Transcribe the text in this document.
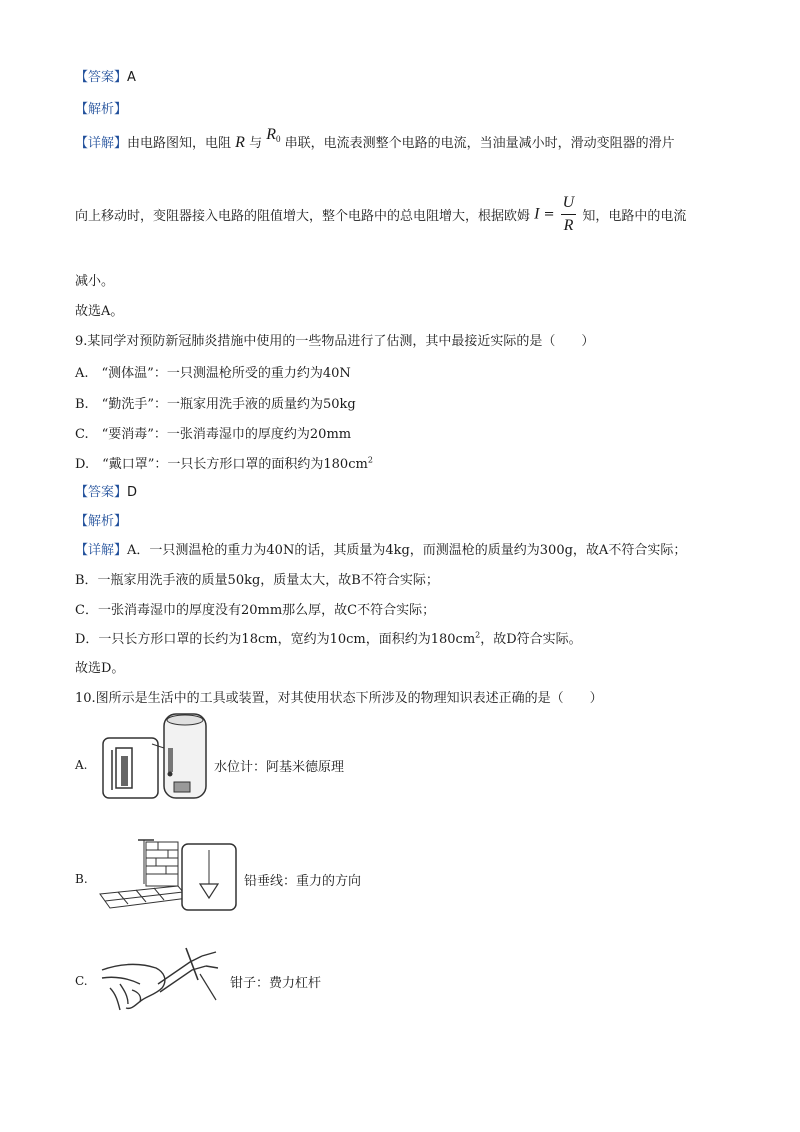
【答案】A
【解析】
【详解】由电路图知，电阻 R 与 $R_0$ 串联，电流表测整个电路的电流，当油量减小时，滑动变阻器的滑片
向上移动时，变阻器接入电路的阻值增大，整个电路中的总电阻增大，根据欧姆 $I = \frac{U}{R}$ 知，电路中的电流
减小。
故选A。
9.某同学对预防新冠肺炎措施中使用的一些物品进行了估测，其中最接近实际的是（　　）
A.　“测体温”：一只测温枪所受的重力约为40N
B.　“勤洗手”：一瓶家用洗手液的质量约为50kg
C.　“要消毒”：一张消毒湿巾的厚度约为20mm
D.　“戴口罩”：一只长方形口罩的面积约为$180cm^2$
【答案】D
【解析】
【详解】A．一只测温枪的重力为40N的话，其质量为4kg，而测温枪的质量约为300g，故A不符合实际；
B．一瓶家用洗手液的质量50kg，质量太大，故B不符合实际；
C．一张消毒湿巾的厚度没有20mm那么厚，故C不符合实际；
D．一只长方形口罩的长约为18cm，宽约为10cm，面积约为$180cm^2$，故D符合实际。
故选D。
10.图所示是生活中的工具或装置，对其使用状态下所涉及的物理知识表述正确的是（　　）
A.	水位计：阿基米德原理
B.	铅垂线：重力的方向
C.	钳子：费力杠杆
